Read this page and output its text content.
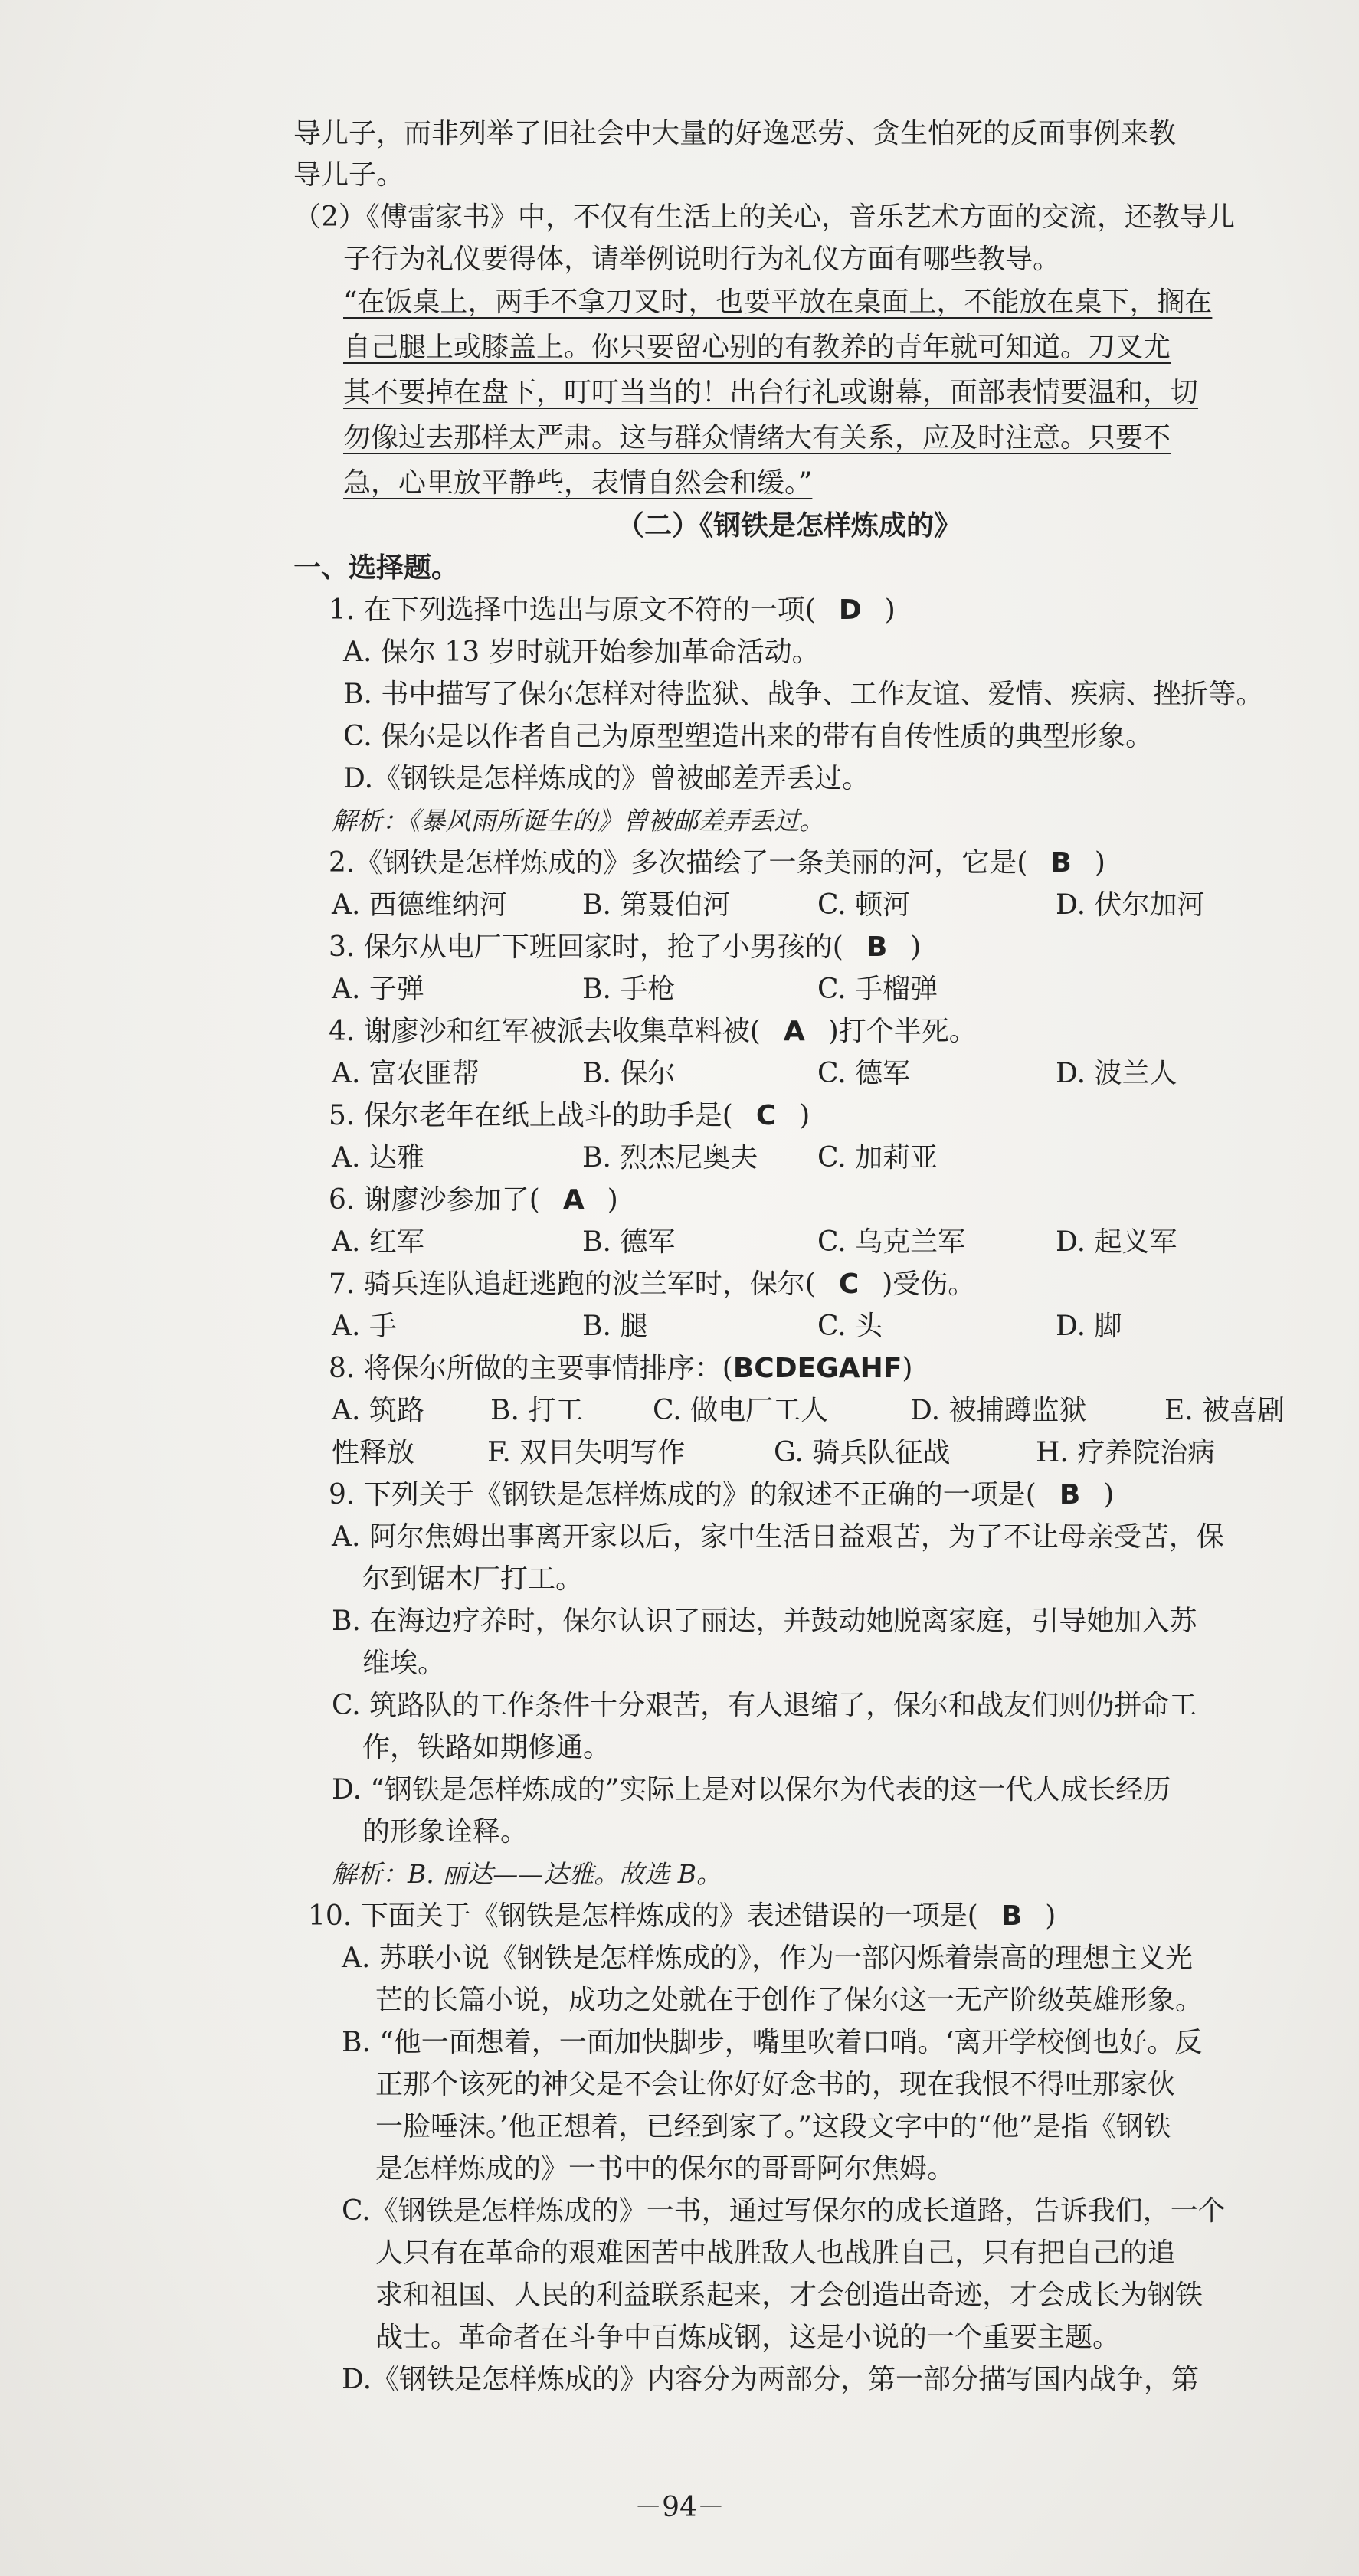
导儿子，而非列举了旧社会中大量的好逸恶劳、贪生怕死的反面事例来教
导儿子。
（2）《傅雷家书》中，不仅有生活上的关心，音乐艺术方面的交流，还教导儿
子行为礼仪要得体，请举例说明行为礼仪方面有哪些教导。
“在饭桌上，两手不拿刀叉时，也要平放在桌面上，不能放在桌下，搁在
自己腿上或膝盖上。你只要留心别的有教养的青年就可知道。刀叉尤
其不要掉在盘下，叮叮当当的！出台行礼或谢幕，面部表情要温和，切
勿像过去那样太严肃。这与群众情绪大有关系，应及时注意。只要不
急，心里放平静些，表情自然会和缓。”
（二）《钢铁是怎样炼成的》
一、选择题。
1. 在下列选择中选出与原文不符的一项( D )
A. 保尔 13 岁时就开始参加革命活动。
B. 书中描写了保尔怎样对待监狱、战争、工作友谊、爱情、疾病、挫折等。
C. 保尔是以作者自己为原型塑造出来的带有自传性质的典型形象。
D.《钢铁是怎样炼成的》曾被邮差弄丢过。
解析：《暴风雨所诞生的》曾被邮差弄丢过。
2.《钢铁是怎样炼成的》多次描绘了一条美丽的河，它是( B )
A. 西德维纳河	B. 第聂伯河	C. 顿河	D. 伏尔加河
3. 保尔从电厂下班回家时，抢了小男孩的( B )
A. 子弹	B. 手枪	C. 手榴弹
4. 谢廖沙和红军被派去收集草料被( A )打个半死。
A. 富农匪帮	B. 保尔	C. 德军	D. 波兰人
5. 保尔老年在纸上战斗的助手是( C )
A. 达雅	B. 烈杰尼奥夫 C. 加莉亚
6. 谢廖沙参加了( A )
A. 红军	B. 德军	C. 乌克兰军	D. 起义军
7. 骑兵连队追赶逃跑的波兰军时，保尔( C )受伤。
A. 手	B. 腿	C. 头	D. 脚
8. 将保尔所做的主要事情排序：(BCDEGAHF)
A. 筑路 B. 打工	C. 做电厂工人	D. 被捕蹲监狱	E. 被喜剧
性释放	F. 双目失明写作	G. 骑兵队征战	H. 疗养院治病
9. 下列关于《钢铁是怎样炼成的》的叙述不正确的一项是( B )
A. 阿尔焦姆出事离开家以后，家中生活日益艰苦，为了不让母亲受苦，保
尔到锯木厂打工。
B. 在海边疗养时，保尔认识了丽达，并鼓动她脱离家庭，引导她加入苏
维埃。
C. 筑路队的工作条件十分艰苦，有人退缩了，保尔和战友们则仍拼命工
作，铁路如期修通。
D. “钢铁是怎样炼成的”实际上是对以保尔为代表的这一代人成长经历
的形象诠释。
解析：B. 丽达——达雅。故选 B。
10. 下面关于《钢铁是怎样炼成的》表述错误的一项是( B )
A. 苏联小说《钢铁是怎样炼成的》，作为一部闪烁着崇高的理想主义光
芒的长篇小说，成功之处就在于创作了保尔这一无产阶级英雄形象。
B. “他一面想着，一面加快脚步，嘴里吹着口哨。‘离开学校倒也好。反
正那个该死的神父是不会让你好好念书的，现在我恨不得吐那家伙
一脸唾沫。’他正想着，已经到家了。”这段文字中的“他”是指《钢铁
是怎样炼成的》一书中的保尔的哥哥阿尔焦姆。
C.《钢铁是怎样炼成的》一书，通过写保尔的成长道路，告诉我们，一个
人只有在革命的艰难困苦中战胜敌人也战胜自己，只有把自己的追
求和祖国、人民的利益联系起来，才会创造出奇迹，才会成长为钢铁
战士。革命者在斗争中百炼成钢，这是小说的一个重要主题。
D.《钢铁是怎样炼成的》内容分为两部分，第一部分描写国内战争，第
－94－
